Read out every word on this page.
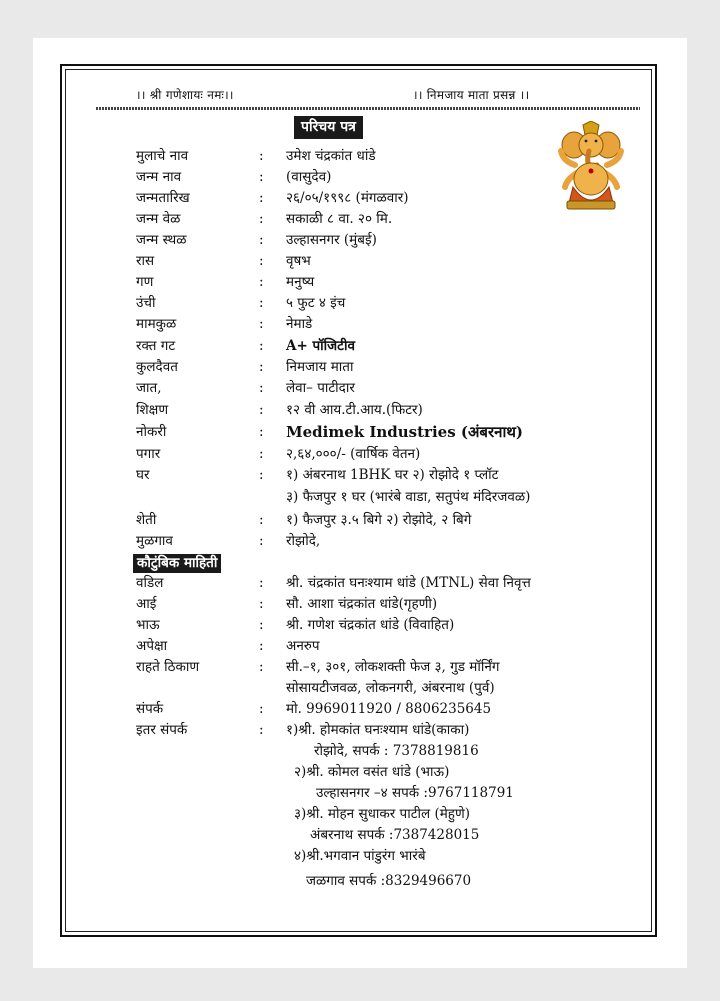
।। श्री गणेशायः नमः।।	।। निमजाय माता प्रसन्न ।।
परिचय पत्र
मुलाचे नाव	: उमेश चंद्रकांत धांडे
जन्म नाव	: (वासुदेव)
जन्मतारिख	: २६/०५/१९९८ (मंगळवार)
जन्म वेळ	: सकाळी ८ वा. २० मि.
जन्म स्थळ	: उल्हासनगर (मुंबई)
रास	: वृषभ
गण	: मनुष्य
उंची	: ५ फुट ४ इंच
मामकुळ	: नेमाडे
रक्त गट	: A+ पॉजिटीव
कुलदैवत	: निमजाय माता
जात,	: लेवा– पाटीदार
शिक्षण	: १२ वी आय.टी.आय.(फिटर)
नोकरी	: Medimek Industries (अंबरनाथ)
पगार	: २,६४,०००/- (वार्षिक वेतन)
घर	: १) अंबरनाथ 1BHK घर २) रोझोदे १ प्लॉट
३) फैजपुर १ घर (भारंबे वाडा, सतुपंथ मंदिरजवळ)
शेती	: १) फैजपुर ३.५ बिगे २) रोझोदे, २ बिगे
मुळगाव	: रोझोदे,
कौटुंबिक माहिती
वडिल	: श्री. चंद्रकांत घनःश्याम धांडे (MTNL) सेवा निवृत्त
आई	: सौ. आशा चंद्रकांत धांडे(गृहणी)
भाऊ	: श्री. गणेश चंद्रकांत धांडे (विवाहित)
अपेक्षा	: अनरुप
राहते ठिकाण	: सी.–१, ३०१, लोकशक्ती फेज ३, गुड मॉर्निंग
सोसायटीजवळ, लोकनगरी, अंबरनाथ (पुर्व)
संपर्क	: मो. 9969011920 / 8806235645
इतर संपर्क	: १)श्री. होमकांत घनःश्याम धांडे(काका)
रोझोदे, सपर्क : 7378819816
२)श्री. कोमल वसंत धांडे (भाऊ)
उल्हासनगर –४ सपर्क :9767118791
३)श्री. मोहन सुधाकर पाटील (मेहुणे)
अंबरनाथ सपर्क :7387428015
४)श्री.भगवान पांडुरंग भारंबे
जळगाव सपर्क :8329496670
